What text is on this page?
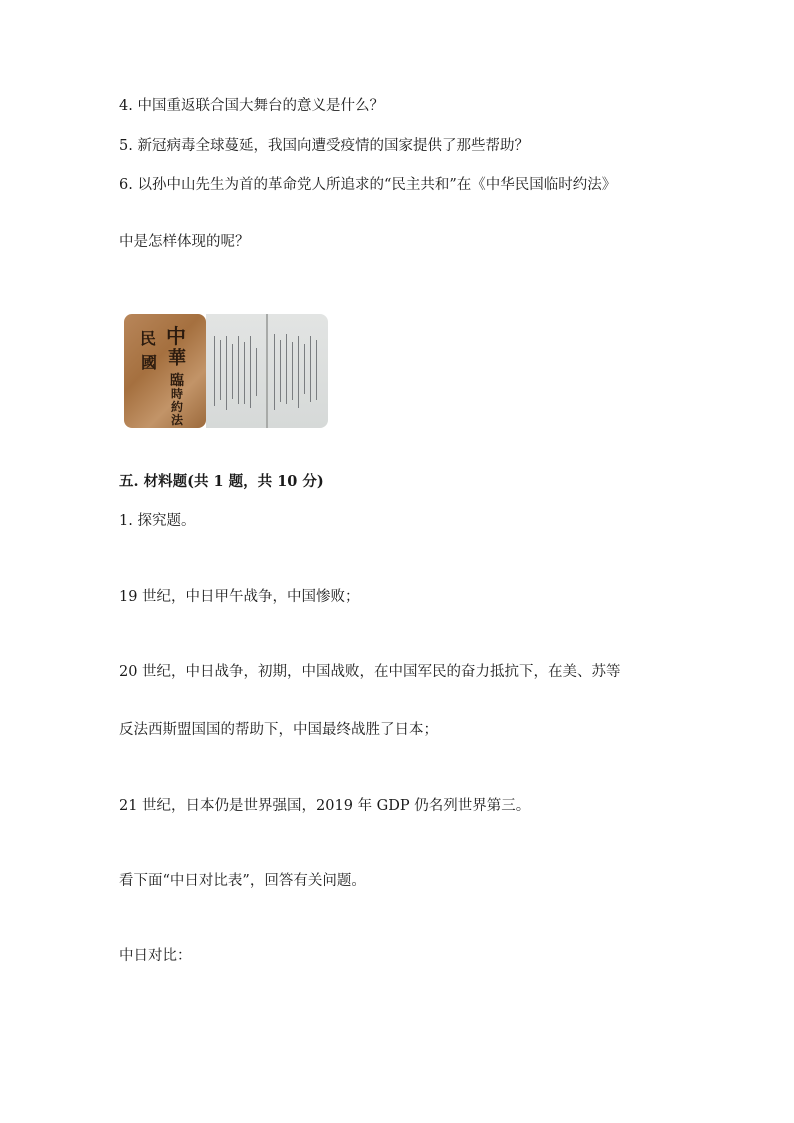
4. 中国重返联合国大舞台的意义是什么？
5. 新冠病毒全球蔓延，我国向遭受疫情的国家提供了那些帮助？
6. 以孙中山先生为首的革命党人所追求的“民主共和”在《中华民国临时约法》
中是怎样体现的呢？
中
華
民
國
臨
時
約
法
五. 材料题(共 1 题，共 10 分)
1. 探究题。
19 世纪，中日甲午战争，中国惨败；
20 世纪，中日战争，初期，中国战败，在中国军民的奋力抵抗下，在美、苏等
反法西斯盟国国的帮助下，中国最终战胜了日本；
21 世纪，日本仍是世界强国，2019 年 GDP 仍名列世界第三。
看下面“中日对比表”，回答有关问题。
中日对比：
